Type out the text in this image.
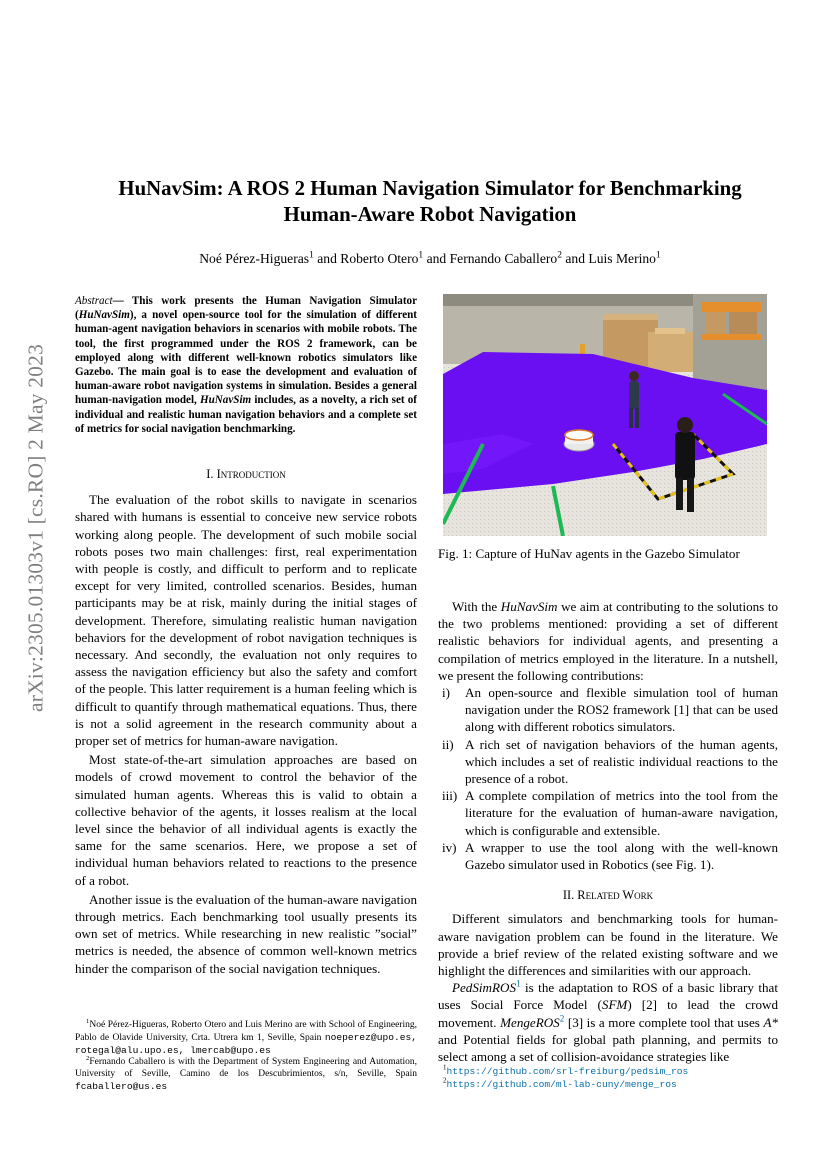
arXiv:2305.01303v1 [cs.RO] 2 May 2023
HuNavSim: A ROS 2 Human Navigation Simulator for Benchmarking
Human-Aware Robot Navigation
Noé Pérez-Higueras$^1$ and Roberto Otero$^1$ and Fernando Caballero$^2$ and Luis Merino$^1$
Abstract— This work presents the Human Navigation Simulator (HuNavSim), a novel open-source tool for the simulation of different human-agent navigation behaviors in scenarios with mobile robots. The tool, the first programmed under the ROS 2 framework, can be employed along with different well-known robotics simulators like Gazebo. The main goal is to ease the development and evaluation of human-aware robot navigation systems in simulation. Besides a general human-navigation model, HuNavSim includes, as a novelty, a rich set of individual and realistic human navigation behaviors and a complete set of metrics for social navigation benchmarking.

I. Introduction

The evaluation of the robot skills to navigate in scenarios shared with humans is essential to conceive new service robots working along people. The development of such mobile social robots poses two main challenges: first, real experimentation with people is costly, and difficult to perform and to replicate except for very limited, controlled scenarios. Besides, human participants may be at risk, mainly during the initial stages of development. Therefore, simulating realistic human navigation behaviors for the development of robot navigation techniques is necessary. And secondly, the evaluation not only requires to assess the navigation efficiency but also the safety and comfort of the people. This latter requirement is a human feeling which is difficult to quantify through mathematical equations. Thus, there is not a solid agreement in the research community about a proper set of metrics for human-aware navigation.

Most state-of-the-art simulation approaches are based on models of crowd movement to control the behavior of the simulated human agents. Whereas this is valid to obtain a collective behavior of the agents, it losses realism at the local level since the behavior of all individual agents is exactly the same for the same scenarios. Here, we propose a set of individual human behaviors related to reactions to the presence of a robot.

Another issue is the evaluation of the human-aware navigation through metrics. Each benchmarking tool usually presents its own set of metrics. While researching in new realistic ”social” metrics is needed, the absence of common well-known metrics hinder the comparison of the social navigation techniques.

$^1$Noé Pérez-Higueras, Roberto Otero and Luis Merino are with School of Engineering, Pablo de Olavide University, Crta. Utrera km 1, Seville, Spain noeperez@upo.es, rotegal@alu.upo.es, lmercab@upo.es

$^2$Fernando Caballero is with the Department of System Engineering and Automation, University of Seville, Camino de los Descubrimientos, s/n, Seville, Spain fcaballero@us.es

Fig. 1: Capture of HuNav agents in the Gazebo Simulator

With the HuNavSim we aim at contributing to the solutions to the two problems mentioned: providing a set of different realistic behaviors for individual agents, and presenting a compilation of metrics employed in the literature. In a nutshell, we present the following contributions:

i) An open-source and flexible simulation tool of human navigation under the ROS2 framework [1] that can be used along with different robotics simulators.
ii) A rich set of navigation behaviors of the human agents, which includes a set of realistic individual reactions to the presence of a robot.
iii) A complete compilation of metrics into the tool from the literature for the evaluation of human-aware navigation, which is configurable and extensible.
iv) A wrapper to use the tool along with the well-known Gazebo simulator used in Robotics (see Fig. 1).

II. Related Work

Different simulators and benchmarking tools for human-aware navigation problem can be found in the literature. We provide a brief review of the related existing software and we highlight the differences and similarities with our approach.

PedSimROS$^1$ is the adaptation to ROS of a basic library that uses Social Force Model (SFM) [2] to lead the crowd movement. MengeROS$^2$ [3] is a more complete tool that uses A* and Potential fields for global path planning, and permits to select among a set of collision-avoidance strategies like

$^1$https://github.com/srl-freiburg/pedsim_ros
$^2$https://github.com/ml-lab-cuny/menge_ros
